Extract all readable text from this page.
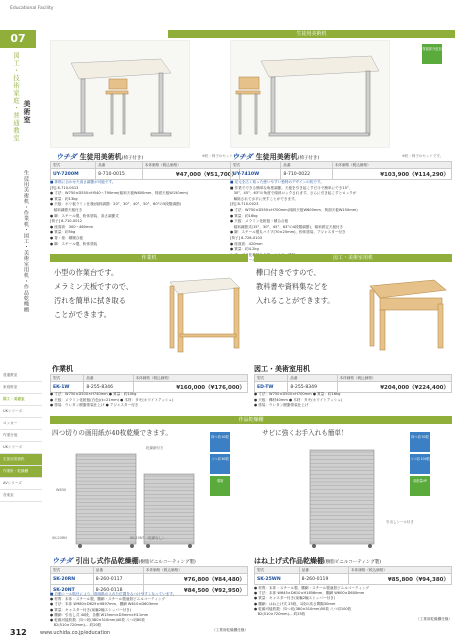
Educational Facility
07
図工・技術家庭・普通教室 美術室
生徒用美術机・作業机・図工・美術室用机・作品乾燥棚
普通教室
家庭科室
図工・美術室
UKシリーズ
ロッカー
作業台他
UKシリーズ
生徒用美術机
作業机・乾燥棚
AVシリーズ
音楽室
生徒用美術机
背板部分追加
ウチダ 生徒用美術机(椅子付き)	※机・椅子のセットです。
型式	品番	本体価格（税込価格）
UY-7200M	8-710-0015	¥47,000（¥51,700）
■ 体格に合わせた高さ調節が可能です。
[机] 8-710-0013
● 寸法：W750×D550×H540〜790mm(傾斜天板W600mm、椅面天板W150mm)
● 質量：約13kg
● 天板：ポリ板ラミン仕様(傾斜調節：20°、30°、40°、50°、60°の5段階調節)
　傾斜調節天板付き
● 脚：スチール製、粉体塗装、高さ調節式
[椅子] 8-710-0012
● 座面高：300〜460mm
● 質量：約5kg
● 背・座：積層合板
● 脚：スチール製、粉体塗装
ウチダ 生徒用美術机(椅子付き)	※机・椅子のセットです。
型式	品番	本体価格（税込価格）
UY-7410W	8-710-0022	¥103,900（¥114,290）
■ 足元を広く取った使いやすい独特のデザインの机です。
■ 作業でできる簡単な角度調節。天板を引き起こすだけで簡単にでき15°、
　30°、45°、63°の角度で傾斜ロックされます。さらに引き起こすとロックが
　解除されて水平に戻すことができます。
[机] 8-710-0023
● 寸法：W750×D550×H700mm(傾斜天板W600mm、椅面天板W150mm)
● 質量：約16kg
● 天板：メラミン化粧板・積合合板
　傾斜調節式(15°、30°、45°、63°の4段階調節)、傾斜固定天板付き
● 脚：スチール製丸パイプ(70×25mm)、粉体塗装、アジャスター付き
[椅子] 8-726-0103
● 座面高：420mm
● 質量：約4.2kg
作業机	図工・美術室用机
小型の作業台です。
メラミン天板ですので、
汚れを簡単に拭き取る
ことができます。
欅口付きですので、
教科書や資料集などを
入れることができます。
作業机
型式	品番	本体価格（税込価格）
EK-1W	8-255-8346	¥160,000（¥176,000）
● 寸法：W750×D500×H740mm ● 質量：約10kg
● 天板：メラミン化粧板(白色)(t=21mm) ● 木材：タモ(ホワイトアッシュ)
● 塗装：ウレタン樹脂塗装仕上げ ● アジャスター付き
図工・美術室用机
型式	品番	本体価格（税込価格）
ED-TW	8-255-8349	¥204,000（¥224,400）
● 寸法：W750×D500×H700mm ● 質量：約16kg
● 天板：欅材40mm ● 木材：タモ(ホワイトアッシュ)
● 塗装：ウレタン樹脂塗装仕上げ
作品乾燥棚
四つ切りの画用紙が40枚乾燥できます。	四つ切 40枚
八つ切 80枚
環境
乾燥網付き
SK-20RN	SK-20NT（乾燥なし）
W630
サビに強くお手入れも簡単！	四つ切 50枚
八つ切 100枚
収納量UP
引出しシール付き
ウチダ 引出し式作品乾燥棚(樹脂ビニルコーティング製)
型式	品番	本体価格（税込価格）
SK-20RN	8-260-0117	¥76,800（¥84,480）
SK-20NT	8-260-0118	¥84,500（¥92,950）
■ 自動シール貼付により、面用紙の入れた位置をみつけやすくなっています。
● 材質：本体・スチール製、棚網・スチール製亜鉛ビニルコーティング
● 寸法：本体 W980×D629×H897mm、棚網 W610×D603mm
● 質量：キャスター付き(前輪2輪ストッパー付き)
● 棚網：引出し式 40段、各棚 W15mm×D5mm×H11mm
● 乾燥可能枚数：四つ切(380×510mm)40枚 八つ切80枚
　B2(510×720mm)… 約20枚
（工業用乾燥棚仕様）
はね上げ式作品乾燥棚(樹脂ビニルコーティング製)
型式	品番	本体価格（税込価格）
SK-25WN	8-260-0119	¥85,800（¥94,380）
● 材質：本体・スチール製、棚網・スチール製亜鉛ビニルコーティング
● 寸法：本体 W645×D610×H1856mm、棚網 W600×D600mm
● 質量：キャスター付き(前輪2輪ストッパー付き)
● 棚網：はね上げ式 25段、1段の高さ間隔30mm
● 乾燥可能枚数：四つ切(380×510mm)50枚 八つ切100枚
　B2(510×720mm)… 約25枚
（工業用乾燥棚仕様）
312	www.uchida.co.jp/education
